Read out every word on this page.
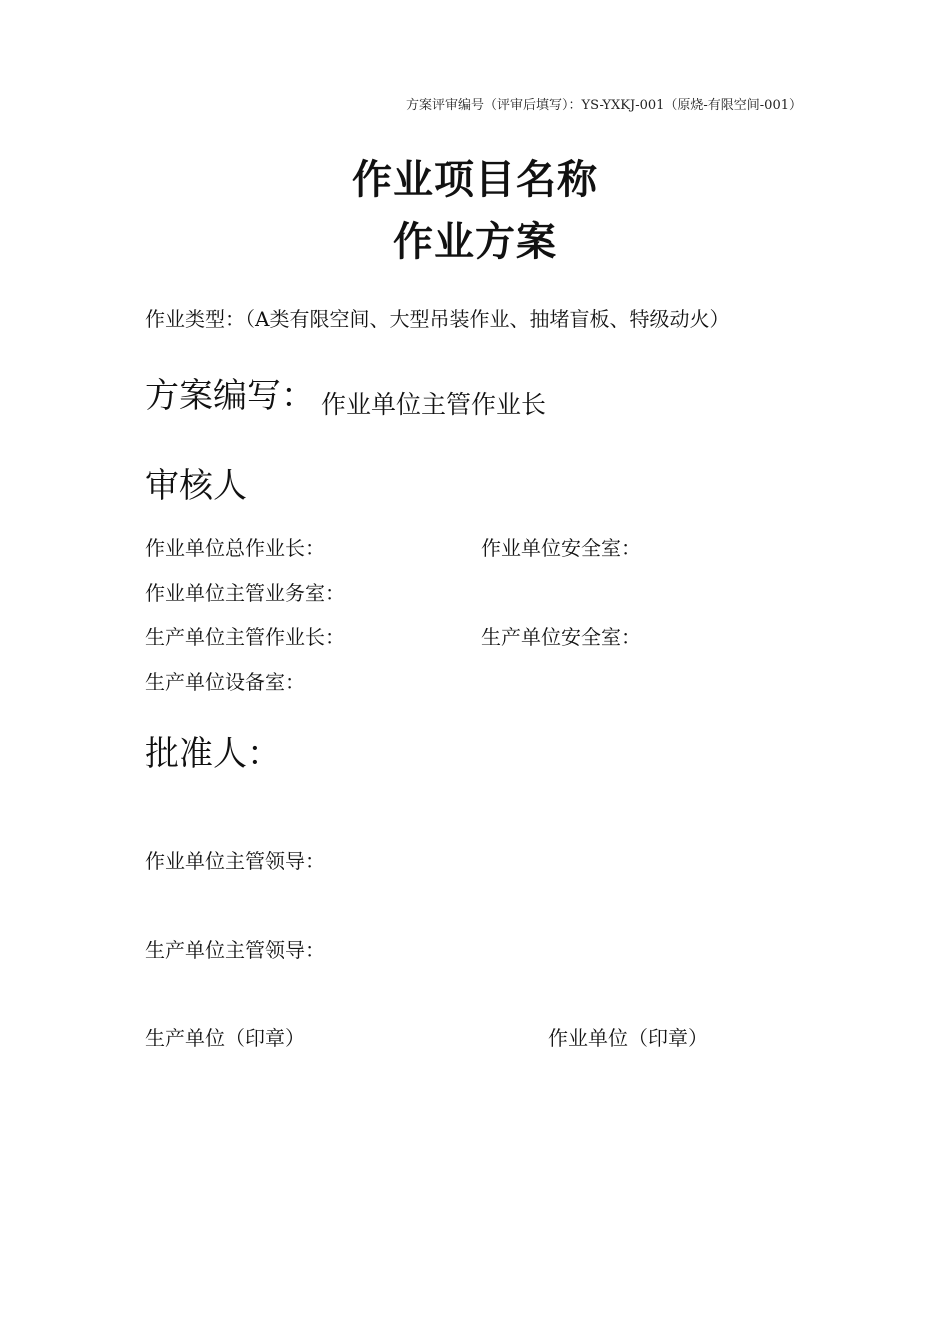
方案评审编号（评审后填写）：YS-YXKJ-001（原烧-有限空间-001）
作业项目名称
作业方案
作业类型：（A类有限空间、大型吊装作业、抽堵盲板、特级动火）
方案编写： 作业单位主管作业长
审核人
作业单位总作业长：	作业单位安全室：
作业单位主管业务室：
生产单位主管作业长：	生产单位安全室：
生产单位设备室：
批准人：
作业单位主管领导：
生产单位主管领导：
生产单位（印章）	作业单位（印章）
